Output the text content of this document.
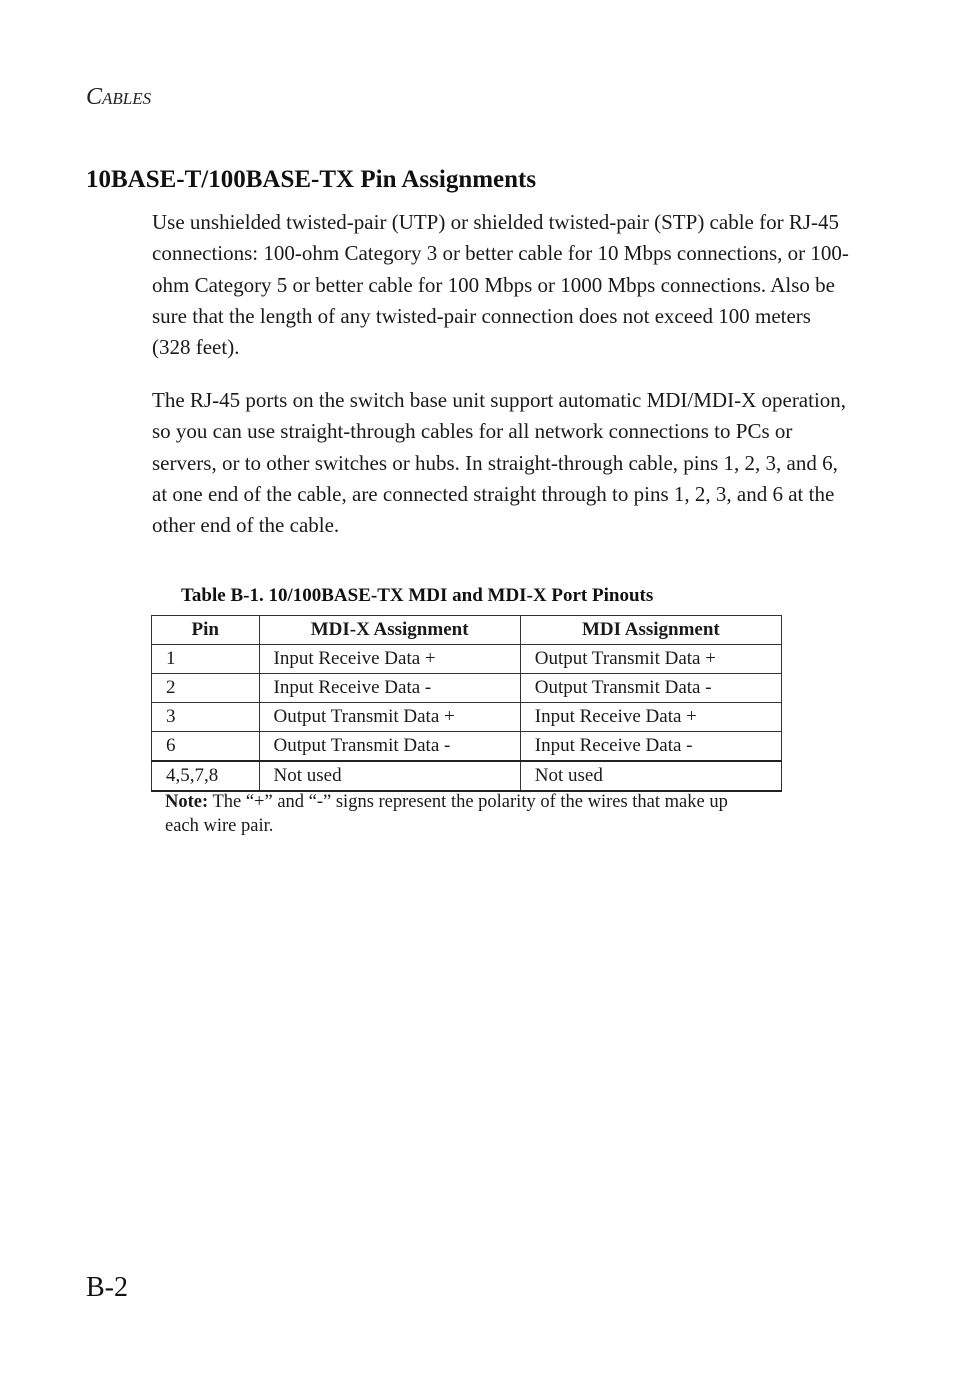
Cables
10BASE-T/100BASE-TX Pin Assignments

Use unshielded twisted-pair (UTP) or shielded twisted-pair (STP) cable for RJ-45 connections: 100-ohm Category 3 or better cable for 10 Mbps connections, or 100-ohm Category 5 or better cable for 100 Mbps or 1000 Mbps connections. Also be sure that the length of any twisted-pair connection does not exceed 100 meters (328 feet).

The RJ-45 ports on the switch base unit support automatic MDI/MDI-X operation, so you can use straight-through cables for all network connections to PCs or servers, or to other switches or hubs. In straight-through cable, pins 1, 2, 3, and 6, at one end of the cable, are connected straight through to pins 1, 2, 3, and 6 at the other end of the cable.

Table B-1. 10/100BASE-TX MDI and MDI-X Port Pinouts
Pin	MDI-X Assignment	MDI Assignment
1	Input Receive Data +	Output Transmit Data +
2	Input Receive Data -	Output Transmit Data -
3	Output Transmit Data +	Input Receive Data +
6	Output Transmit Data -	Input Receive Data -
4,5,7,8	Not used	Not used

Note: The “+” and “-” signs represent the polarity of the wires that make up each wire pair.

B-2
